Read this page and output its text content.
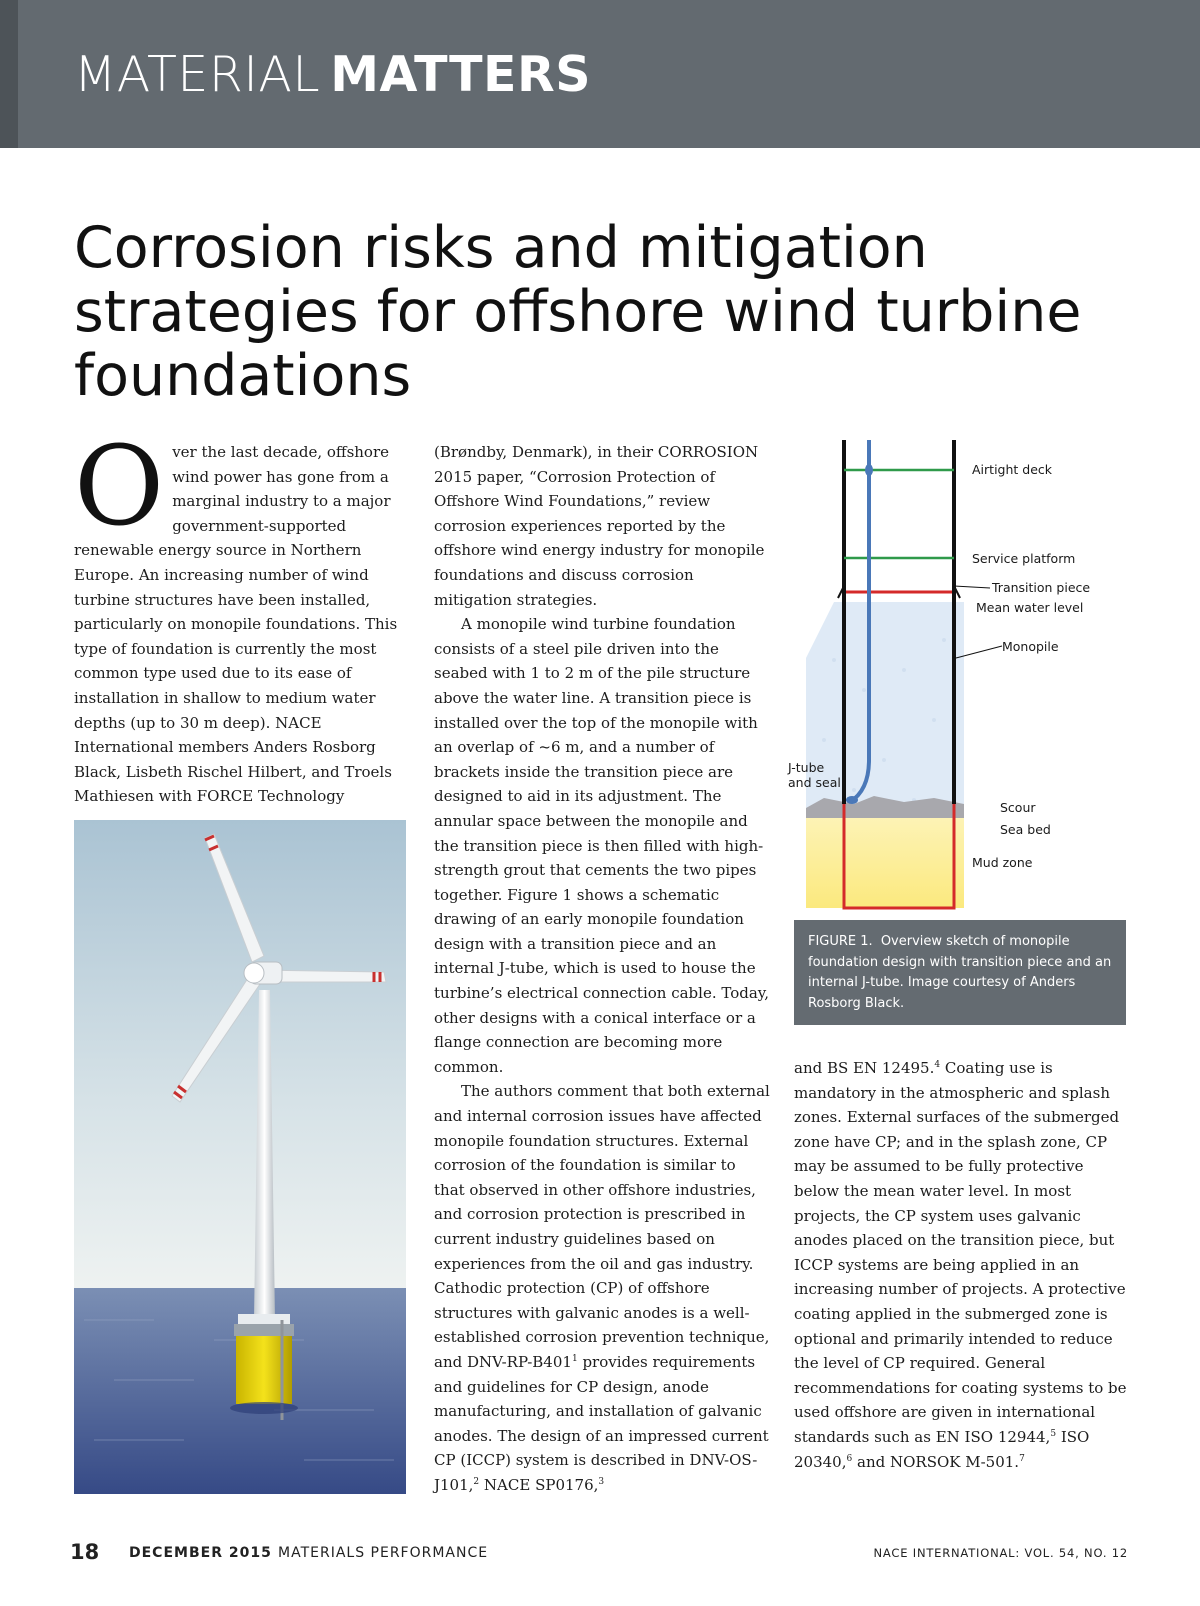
MATERIAL MATTERS
Corrosion risks and mitigation strategies for offshore wind turbine foundations

Over the last decade, offshore wind power has gone from a marginal industry to a major government-supported renewable energy source in Northern Europe. An increasing number of wind turbine structures have been installed, particularly on monopile foundations. This type of foundation is currently the most common type used due to its ease of installation in shallow to medium water depths (up to 30 m deep). NACE International members Anders Rosborg Black, Lisbeth Rischel Hilbert, and Troels Mathiesen with FORCE Technology

(Brøndby, Denmark), in their CORROSION 2015 paper, “Corrosion Protection of Offshore Wind Foundations,” review corrosion experiences reported by the offshore wind energy industry for monopile foundations and discuss corrosion mitigation strategies.

A monopile wind turbine foundation consists of a steel pile driven into the seabed with 1 to 2 m of the pile structure above the water line. A transition piece is installed over the top of the monopile with an overlap of ~6 m, and a number of brackets inside the transition piece are designed to aid in its adjustment. The annular space between the monopile and the transition piece is then filled with high-strength grout that cements the two pipes together. Figure 1 shows a schematic drawing of an early monopile foundation design with a transition piece and an internal J-tube, which is used to house the turbine’s electrical connection cable. Today, other designs with a conical interface or a flange connection are becoming more common.

The authors comment that both external and internal corrosion issues have affected monopile foundation structures. External corrosion of the foundation is similar to that observed in other offshore industries, and corrosion protection is prescribed in current industry guidelines based on experiences from the oil and gas industry. Cathodic protection (CP) of offshore structures with galvanic anodes is a well-established corrosion prevention technique, and DNV-$RP-B401^1$ provides requirements and guidelines for CP design, anode manufacturing, and installation of galvanic anodes. The design of an impressed current CP (ICCP) system is described in DNV-OS-J101,$^2$ NACE SP0176,$^3$

Airtight deck
Service platform
Transition piece
Mean water level
Monopile
J-tube
and seal
Scour
Sea bed
Mud zone
FIGURE 1. Overview sketch of monopile foundation design with transition piece and an internal J-tube. Image courtesy of Anders Rosborg Black.

and BS EN 12495.$^4$ Coating use is mandatory in the atmospheric and splash zones. External surfaces of the submerged zone have CP; and in the splash zone, CP may be assumed to be fully protective below the mean water level. In most projects, the CP system uses galvanic anodes placed on the transition piece, but ICCP systems are being applied in an increasing number of projects. A protective coating applied in the submerged zone is optional and primarily intended to reduce the level of CP required. General recommendations for coating systems to be used offshore are given in international standards such as EN ISO 12944,$^5$ ISO 20340,$^6$ and NORSOK M-501.$^7$

18 DECEMBER 2015 MATERIALS PERFORMANCE	NACE INTERNATIONAL: VOL. 54, NO. 12
